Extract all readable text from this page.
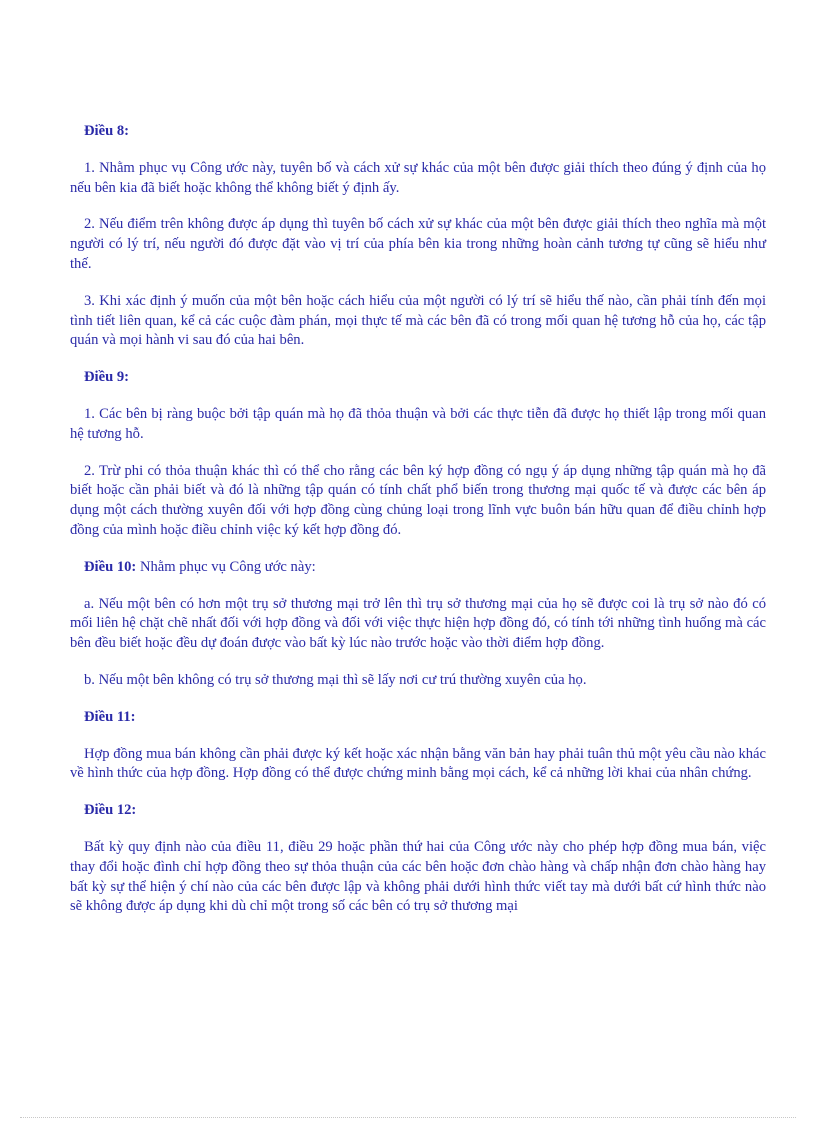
Điều 8:
1. Nhằm phục vụ Công ước này, tuyên bố và cách xử sự khác của một bên được giải thích theo đúng ý định của họ nếu bên kia đã biết hoặc không thể không biết ý định ấy.
2. Nếu điểm trên không được áp dụng thì tuyên bố cách xử sự khác của một bên được giải thích theo nghĩa mà một người có lý trí, nếu người đó được đặt vào vị trí của phía bên kia trong những hoàn cảnh tương tự cũng sẽ hiểu như thế.
3. Khi xác định ý muốn của một bên hoặc cách hiểu của một người có lý trí sẽ hiểu thế nào, cần phải tính đến mọi tình tiết liên quan, kể cả các cuộc đàm phán, mọi thực tế mà các bên đã có trong mối quan hệ tương hỗ của họ, các tập quán và mọi hành vi sau đó của hai bên.
Điều 9:
1. Các bên bị ràng buộc bởi tập quán mà họ đã thỏa thuận và bởi các thực tiễn đã được họ thiết lập trong mối quan hệ tương hỗ.
2. Trừ phi có thỏa thuận khác thì có thể cho rằng các bên ký hợp đồng có ngụ ý áp dụng những tập quán mà họ đã biết hoặc cần phải biết và đó là những tập quán có tính chất phổ biến trong thương mại quốc tế và được các bên áp dụng một cách thường xuyên đối với hợp đồng cùng chủng loại trong lĩnh vực buôn bán hữu quan để điều chỉnh hợp đồng của mình hoặc điều chỉnh việc ký kết hợp đồng đó.
Điều 10: Nhằm phục vụ Công ước này:
a. Nếu một bên có hơn một trụ sở thương mại trở lên thì trụ sở thương mại của họ sẽ được coi là trụ sở nào đó có mối liên hệ chặt chẽ nhất đối với hợp đồng và đối với việc thực hiện hợp đồng đó, có tính tới những tình huống mà các bên đều biết hoặc đều dự đoán được vào bất kỳ lúc nào trước hoặc vào thời điểm hợp đồng.
b. Nếu một bên không có trụ sở thương mại thì sẽ lấy nơi cư trú thường xuyên của họ.
Điều 11:
Hợp đồng mua bán không cần phải được ký kết hoặc xác nhận bằng văn bản hay phải tuân thủ một yêu cầu nào khác về hình thức của hợp đồng. Hợp đồng có thể được chứng minh bằng mọi cách, kể cả những lời khai của nhân chứng.
Điều 12:
Bất kỳ quy định nào của điều 11, điều 29 hoặc phần thứ hai của Công ước này cho phép hợp đồng mua bán, việc thay đổi hoặc đình chỉ hợp đồng theo sự thỏa thuận của các bên hoặc đơn chào hàng và chấp nhận đơn chào hàng hay bất kỳ sự thể hiện ý chí nào của các bên được lập và không phải dưới hình thức viết tay mà dưới bất cứ hình thức nào sẽ không được áp dụng khi dù chỉ một trong số các bên có trụ sở thương mại
